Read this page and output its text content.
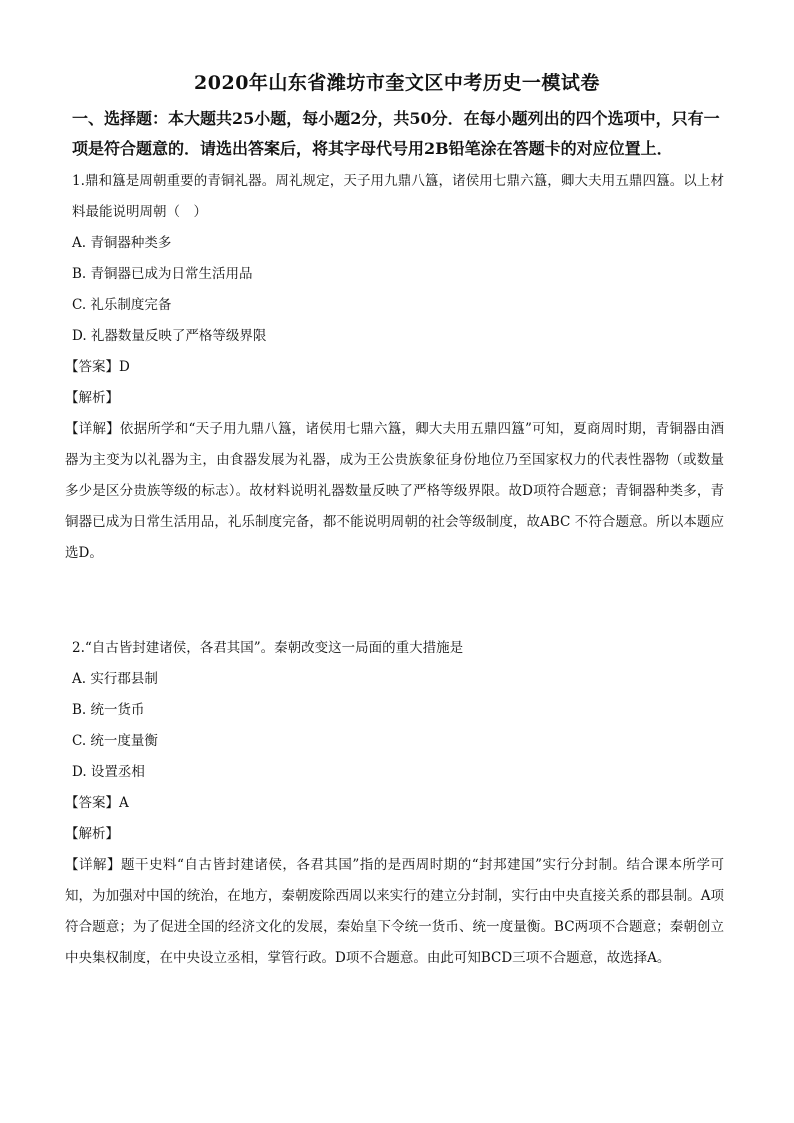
2020年山东省潍坊市奎文区中考历史一模试卷
一、选择题：本大题共25小题，每小题2分，共50分．在每小题列出的四个选项中，只有一项是符合题意的．请选出答案后，将其字母代号用2B铅笔涂在答题卡的对应位置上．
1.鼎和簋是周朝重要的青铜礼器。周礼规定，天子用九鼎八簋，诸侯用七鼎六簋，卿大夫用五鼎四簋。以上材料最能说明周朝（　）
A. 青铜器种类多
B. 青铜器已成为日常生活用品
C. 礼乐制度完备
D. 礼器数量反映了严格等级界限
【答案】D
【解析】
【详解】依据所学和“天子用九鼎八簋，诸侯用七鼎六簋，卿大夫用五鼎四簋”可知，夏商周时期，青铜器由酒器为主变为以礼器为主，由食器发展为礼器，成为王公贵族象征身份地位乃至国家权力的代表性器物（或数量多少是区分贵族等级的标志）。故材料说明礼器数量反映了严格等级界限。故D项符合题意；青铜器种类多，青铜器已成为日常生活用品，礼乐制度完备，都不能说明周朝的社会等级制度，故ABC 不符合题意。所以本题应选D。
2.“自古皆封建诸侯，各君其国”。秦朝改变这一局面的重大措施是
A. 实行郡县制
B. 统一货币
C. 统一度量衡
D. 设置丞相
【答案】A
【解析】
【详解】题干史料“自古皆封建诸侯，各君其国”指的是西周时期的“封邦建国”实行分封制。结合课本所学可知，为加强对中国的统治，在地方，秦朝废除西周以来实行的建立分封制，实行由中央直接关系的郡县制。A项符合题意；为了促进全国的经济文化的发展，秦始皇下令统一货币、统一度量衡。BC两项不合题意；秦朝创立中央集权制度，在中央设立丞相，掌管行政。D项不合题意。由此可知BCD三项不合题意，故选择A。
